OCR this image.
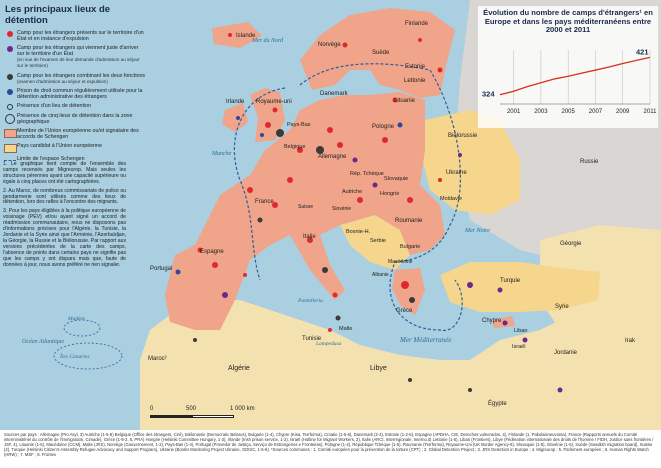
Islande
Irlande Royaume-uni
Norvège
Finlande
Suède
Estonie
Lettonie
Danemark
Lituanie
Pays-Bas
Belgique
Allemagne
Pologne
Biélorussie
Rép. Tchèque
Slovaquie
Ukraine
France
Autriche	Hongrie
Moldavie
Russie
Suisse	Slovénie
Roumanie
Bosnie-H.
Serbie
Italie
Bulgarie
Macédoine
Espagne
Portugal
Albanie
Géorgie
Turquie
Grèce
Malte
Chypre
Syrie
Liban
Israël
Jordanie
Tunisie
Maroc²
Algérie	Libye
Égypte
Irak
Mer du Nord
Manche
Mer Noire
Mer Méditerranée
Océan Atlantique
Pantelleria
Lampedusa
Madère
Îles Canaries
Les principaux lieux de détention
Camp pour les étrangers présents sur le territoire d'un État et en instance d'expulsion
Camp pour les étrangers qui viennent juste d'arriver sur le territoire d'un État
(en vue de l'examen de leur demande d'admission au séjour sur le territoire)
Camp pour les étrangers combinant les deux fonctions
(examen d'admission au séjour et expulsion)
Prison de droit commun régulièrement utilisée pour la détention administrative des étrangers
Présence d'un lieu de détention
Présence de cinq lieux de détention dans la zone géographique
Membre de l'Union européenne ou/et signataire des accords de Schengen
Pays candidat à l'Union européenne
Limite de l'espace Schengen

1. Le graphique tient compte de l'ensemble des camps recensés par Migreurop. Mais seules les structures pérennes ayant une capacité supérieure ou égale à cinq places ont été cartographiées.

2. Au Maroc, de nombreux commissariats de police ou gendarmerie sont utilisés comme des lieux de détention, lors des rafles à l'encontre des migrants.

3. Pour les pays éligibles à la politique européenne de voisinage (PEV) et/ou ayant signé un accord de réadmission communautaire, nous ne disposons pas d'informations précises pour l'Algérie, la Tunisie, la Jordanie et la Syrie ainsi que l'Arménie, l'Azerbaïdjan, la Géorgie, la Russie et la Biélorussie. Par rapport aux versions précédentes de la carte des camps, l'absence de points dans certains pays ne signifie pas que les camps y ont disparu mais que, faute de données à jour, nous avons préféré ne rien signaler.

2001 2003 2005 2007 2009 2011
324
421
Évolution du nombre de camps d'étrangers¹ en Europe et dans les pays méditerranéens entre 2000 et 2011
0	500	1 000 km
Sources par pays : Allemagne (Pro Asyl, 3) Autriche (1-5-8) Belgique (Office des étrangers, Ciré), Biélorussie (Democratic Belarus), Bulgarie (1-4), Chypre (Kisa, Terrferma), Croatie (1-5-6), Danemark (2-4), Estonie (1-2-5), Espagne (APDHA, CIE, Derechos vulnerados, 4), Finlande (1, Pakolaisneuvonta), France (Rapports annuels du Comité interministériel du contrôle de l'immigration, Cimade), Grèce (1-8-2, 6, PRA) Hongrie (Helsinki Committee Hungary, 1-3), Irlande (Irish prison service, 1-2), Israël (Hotline for Migrant Workers, 2), Italie (ARCI, Interregionale, Interno.it) Lettonie (1-5), Liban (Frontiers), Libye (Fédération internationale des droits de l'homme / FIDH, Justice sans frontières / JSF, 4), Lituanie (1-5), Macédoine (CCM), Malte (JRS), Norvège (Gouvernement, 1-2), Pays-Bas (1-4), Portugal (Provedor de Justiça, Serviço de Estrangeiros e Fronteiras), Pologne (1-4), République Tchèque (1-5), Roumanie (Terrferma), Royaume-Uni (UK Border Agency-6), Slovaquie (1-5), Slovénie (1-5), Suède (Swedish migration board), Suisse (2), Turquie (Helsinki Citizen's Assembly Refugee Advocacy and Support Program), Ukraine (Border Monitoring Project Ukraine, GDISC, 1-5-6). *Sources communes : 1. Comité européen pour la prévention de la torture (CPT) ; 2. Global Detention Project ; 3. JRS Detention in Europe ; 4. Migreurop ; 5. Parlement européen ; 6. Human Rights Watch (HRW) ; 7. MSF ; 8. Frontex
